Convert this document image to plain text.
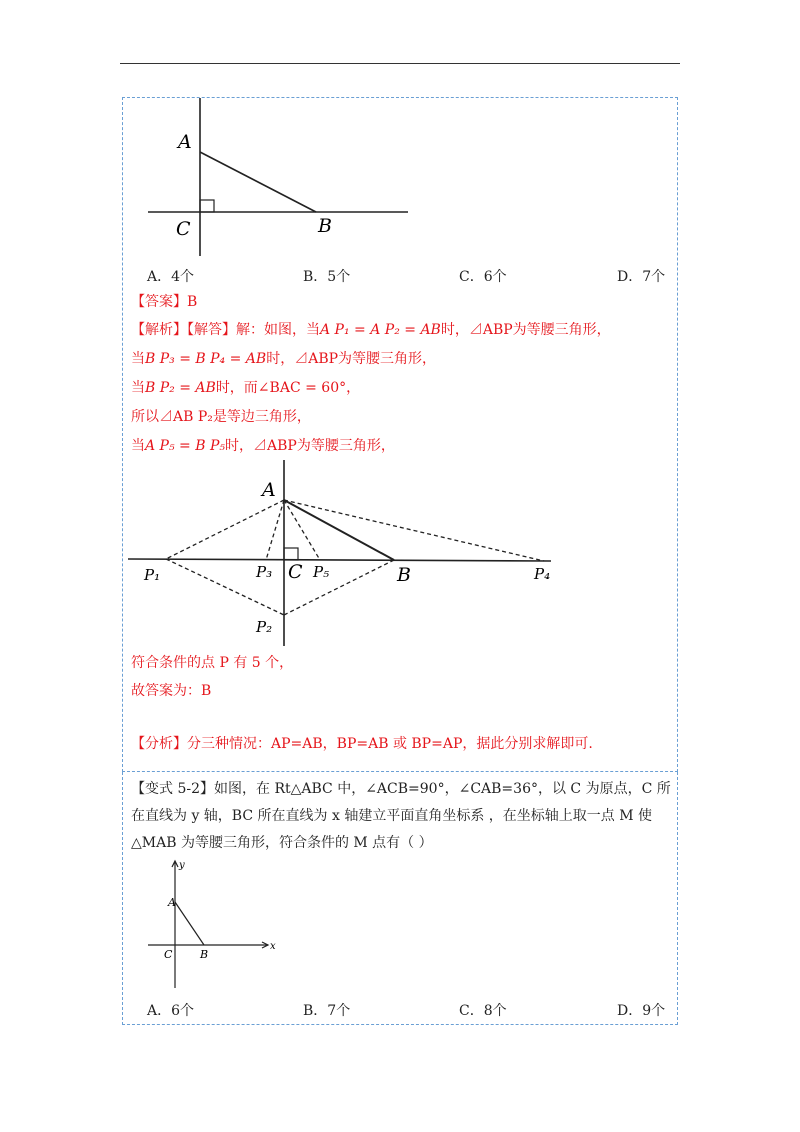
A
C	B
A．4个	B．5个	C．6个	D．7个
【答案】B
【解析】【解答】解：如图，当A P₁ = A P₂ = AB时，⊿ABP为等腰三角形，
当B P₃ = B P₄ = AB时，⊿ABP为等腰三角形，
当B P₂ = AB时，而∠BAC = 60°，
所以⊿AB P₂是等边三角形，
当A P₅ = B P₅时，⊿ABP为等腰三角形，
A
C	B
P₁
P₂
P₃	P₄
P₅
符合条件的点 P 有 5 个，
故答案为：B
【分析】分三种情况：AP=AB，BP=AB 或 BP=AP，据此分别求解即可.
【变式 5-2】如图，在 Rt△ABC 中，∠ACB=90°，∠CAB=36°，以 C 为原点，C 所
在直线为 y 轴，BC 所在直线为 x 轴建立平面直角坐标系 ，在坐标轴上取一点 M 使
△MAB 为等腰三角形，符合条件的 M 点有（ ）
y
x
A
C	B
A．6个	B．7个	C．8个	D．9个
